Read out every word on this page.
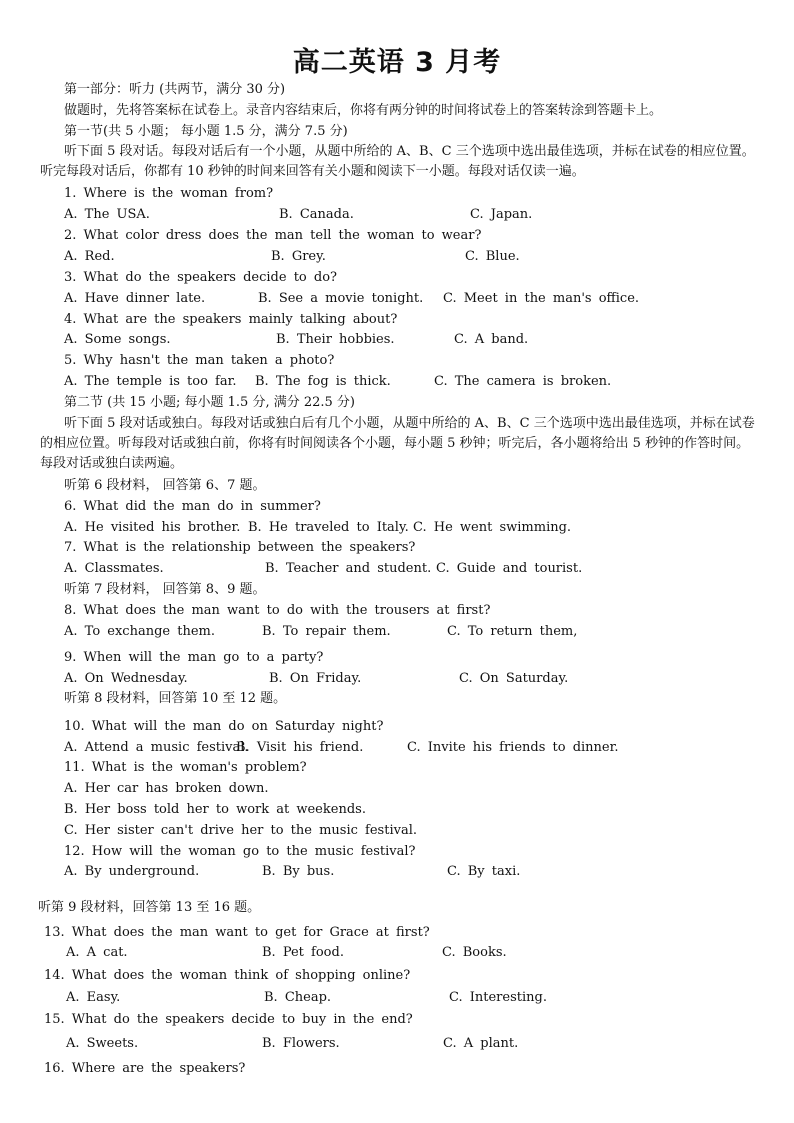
高二英语 3 月考
第一部分：听力 (共两节，满分 30 分)
做题时，先将答案标在试卷上。录音内容结束后，你将有两分钟的时间将试卷上的答案转涂到答题卡上。
第一节(共 5 小题； 每小题 1.5 分，满分 7.5 分)
听下面 5 段对话。每段对话后有一个小题，从题中所给的 A、B、C 三个选项中选出最佳选项，并标在试卷的相应位置。听完每段对话后，你都有 10 秒钟的时间来回答有关小题和阅读下一小题。每段对话仅读一遍。
1. Where is the woman from?
A. The USA.	B. Canada.	C. Japan.
2. What color dress does the man tell the woman to wear?
A. Red.	B. Grey.	C. Blue.
3. What do the speakers decide to do?
A. Have dinner late.	B. See a movie tonight. C. Meet in the man's office.
4. What are the speakers mainly talking about?
A. Some songs.	B. Their hobbies.	C. A band.
5. Why hasn't the man taken a photo?
A. The temple is too far. B. The fog is thick.	C. The camera is broken.
第二节 (共 15 小题; 每小题 1.5 分, 满分 22.5 分)
听下面 5 段对话或独白。每段对话或独白后有几个小题，从题中所给的 A、B、C 三个选项中选出最佳选项，并标在试卷的相应位置。听每段对话或独白前，你将有时间阅读各个小题，每小题 5 秒钟；听完后，各小题将给出 5 秒钟的作答时间。每段对话或独白读两遍。
听第 6 段材料， 回答第 6、7 题。
6. What did the man do in summer?
A. He visited his brother. B. He traveled to Italy. C. He went swimming.
7. What is the relationship between the speakers?
A. Classmates.	B. Teacher and student. C. Guide and tourist.
听第 7 段材料， 回答第 8、9 题。
8. What does the man want to do with the trousers at first?
A. To exchange them.	B. To repair them.	C. To return them,
9. When will the man go to a party?
A. On Wednesday.	B. On Friday.	C. On Saturday.
听第 8 段材料，回答第 10 至 12 题。
10. What will the man do on Saturday night?
A. Attend a music festival.
B. Visit his friend.	C. Invite his friends to dinner.
11. What is the woman's problem?
A. Her car has broken down.
B. Her boss told her to work at weekends.
C. Her sister can't drive her to the music festival.
12. How will the woman go to the music festival?
A. By underground.	B. By bus.	C. By taxi.
听第 9 段材料，回答第 13 至 16 题。
13. What does the man want to get for Grace at first?
A. A cat.	B. Pet food.	C. Books.
14. What does the woman think of shopping online?
A. Easy.	B. Cheap.	C. Interesting.
15. What do the speakers decide to buy in the end?
A. Sweets.	B. Flowers.	C. A plant.
16. Where are the speakers?
